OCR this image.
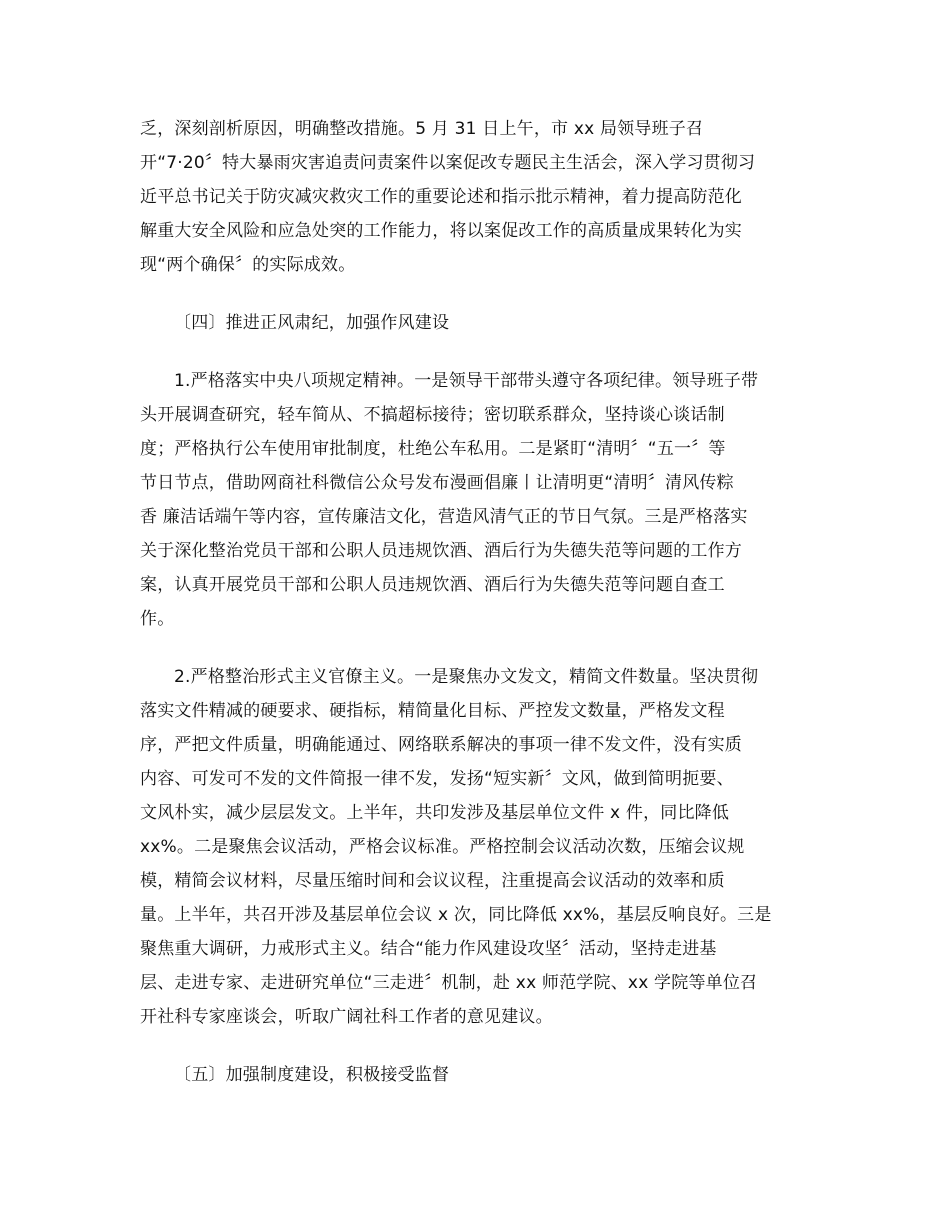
乏，深刻剖析原因，明确整改措施。5 月 31 日上午，市 xx 局领导班子召
开“7·20〞特大暴雨灾害追责问责案件以案促改专题民主生活会，深入学习贯彻习
近平总书记关于防灾减灾救灾工作的重要论述和指示批示精神，着力提高防范化
解重大安全风险和应急处突的工作能力，将以案促改工作的高质量成果转化为实
现“两个确保〞的实际成效。
〔四〕推进正风肃纪，加强作风建设
1.严格落实中央八项规定精神。一是领导干部带头遵守各项纪律。领导班子带
头开展调查研究，轻车简从、不搞超标接待；密切联系群众，坚持谈心谈话制
度；严格执行公车使用审批制度，杜绝公车私用。二是紧盯“清明〞“五一〞等
节日节点，借助网商社科微信公众号发布漫画倡廉丨让清明更“清明〞清风传粽
香 廉洁话端午等内容，宣传廉洁文化，营造风清气正的节日气氛。三是严格落实
关于深化整治党员干部和公职人员违规饮酒、酒后行为失德失范等问题的工作方
案，认真开展党员干部和公职人员违规饮酒、酒后行为失德失范等问题自查工
作。
2.严格整治形式主义官僚主义。一是聚焦办文发文，精简文件数量。坚决贯彻
落实文件精减的硬要求、硬指标，精简量化目标、严控发文数量，严格发文程
序，严把文件质量，明确能通过、网络联系解决的事项一律不发文件，没有实质
内容、可发可不发的文件简报一律不发，发扬“短实新〞文风，做到简明扼要、
文风朴实，减少层层发文。上半年，共印发涉及基层单位文件 x 件，同比降低
xx%。二是聚焦会议活动，严格会议标准。严格控制会议活动次数，压缩会议规
模，精简会议材料，尽量压缩时间和会议议程，注重提高会议活动的效率和质
量。上半年，共召开涉及基层单位会议 x 次，同比降低 xx%，基层反响良好。三是
聚焦重大调研，力戒形式主义。结合“能力作风建设攻坚〞活动，坚持走进基
层、走进专家、走进研究单位“三走进〞机制，赴 xx 师范学院、xx 学院等单位召
开社科专家座谈会，听取广阔社科工作者的意见建议。
〔五〕加强制度建设，积极接受监督
